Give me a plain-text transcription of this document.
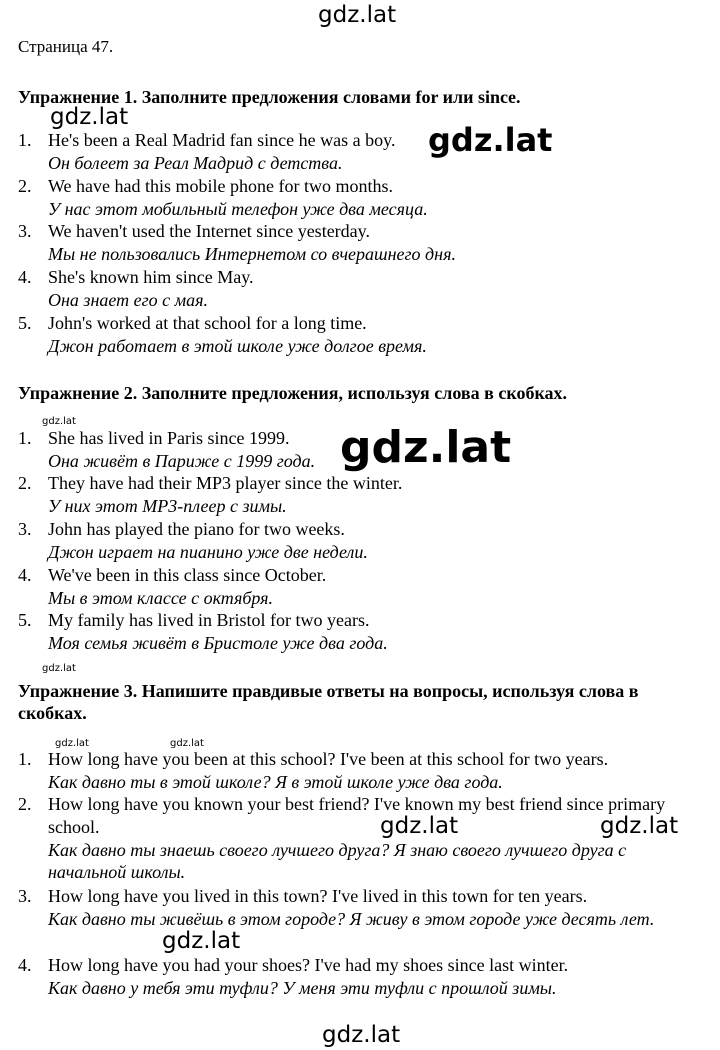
gdz.lat
Страница 47.
Упражнение 1. Заполните предложения словами for или since.
1. He's been a Real Madrid fan since he was a boy.
Он болеет за Реал Мадрид с детства.
2. We have had this mobile phone for two months.
У нас этот мобильный телефон уже два месяца.
3. We haven't used the Internet since yesterday.
Мы не пользовались Интернетом со вчерашнего дня.
4. She's known him since May.
Она знает его с мая.
5. John's worked at that school for a long time.
Джон работает в этой школе уже долгое время.
Упражнение 2. Заполните предложения, используя слова в скобках.
1. She has lived in Paris since 1999.
Она живёт в Париже с 1999 года.
2. They have had their MP3 player since the winter.
У них этот MP3-плеер с зимы.
3. John has played the piano for two weeks.
Джон играет на пианино уже две недели.
4. We've been in this class since October.
Мы в этом классе с октября.
5. My family has lived in Bristol for two years.
Моя семья живёт в Бристоле уже два года.
Упражнение 3. Напишите правдивые ответы на вопросы, используя слова в скобках.
1. How long have you been at this school? I've been at this school for two years.
Как давно ты в этой школе? Я в этой школе уже два года.
2. How long have you known your best friend? I've known my best friend since primary school.
Как давно ты знаешь своего лучшего друга? Я знаю своего лучшего друга с начальной школы.
3. How long have you lived in this town? I've lived in this town for ten years.
Как давно ты живёшь в этом городе? Я живу в этом городе уже десять лет.
4. How long have you had your shoes? I've had my shoes since last winter.
Как давно у тебя эти туфли? У меня эти туфли с прошлой зимы.
gdz.lat
gdz.lat
gdz.lat
gdz.lat
gdz.lat
gdz.lat	gdz.lat
gdz.lat	gdz.lat
gdz.lat
gdz.lat
